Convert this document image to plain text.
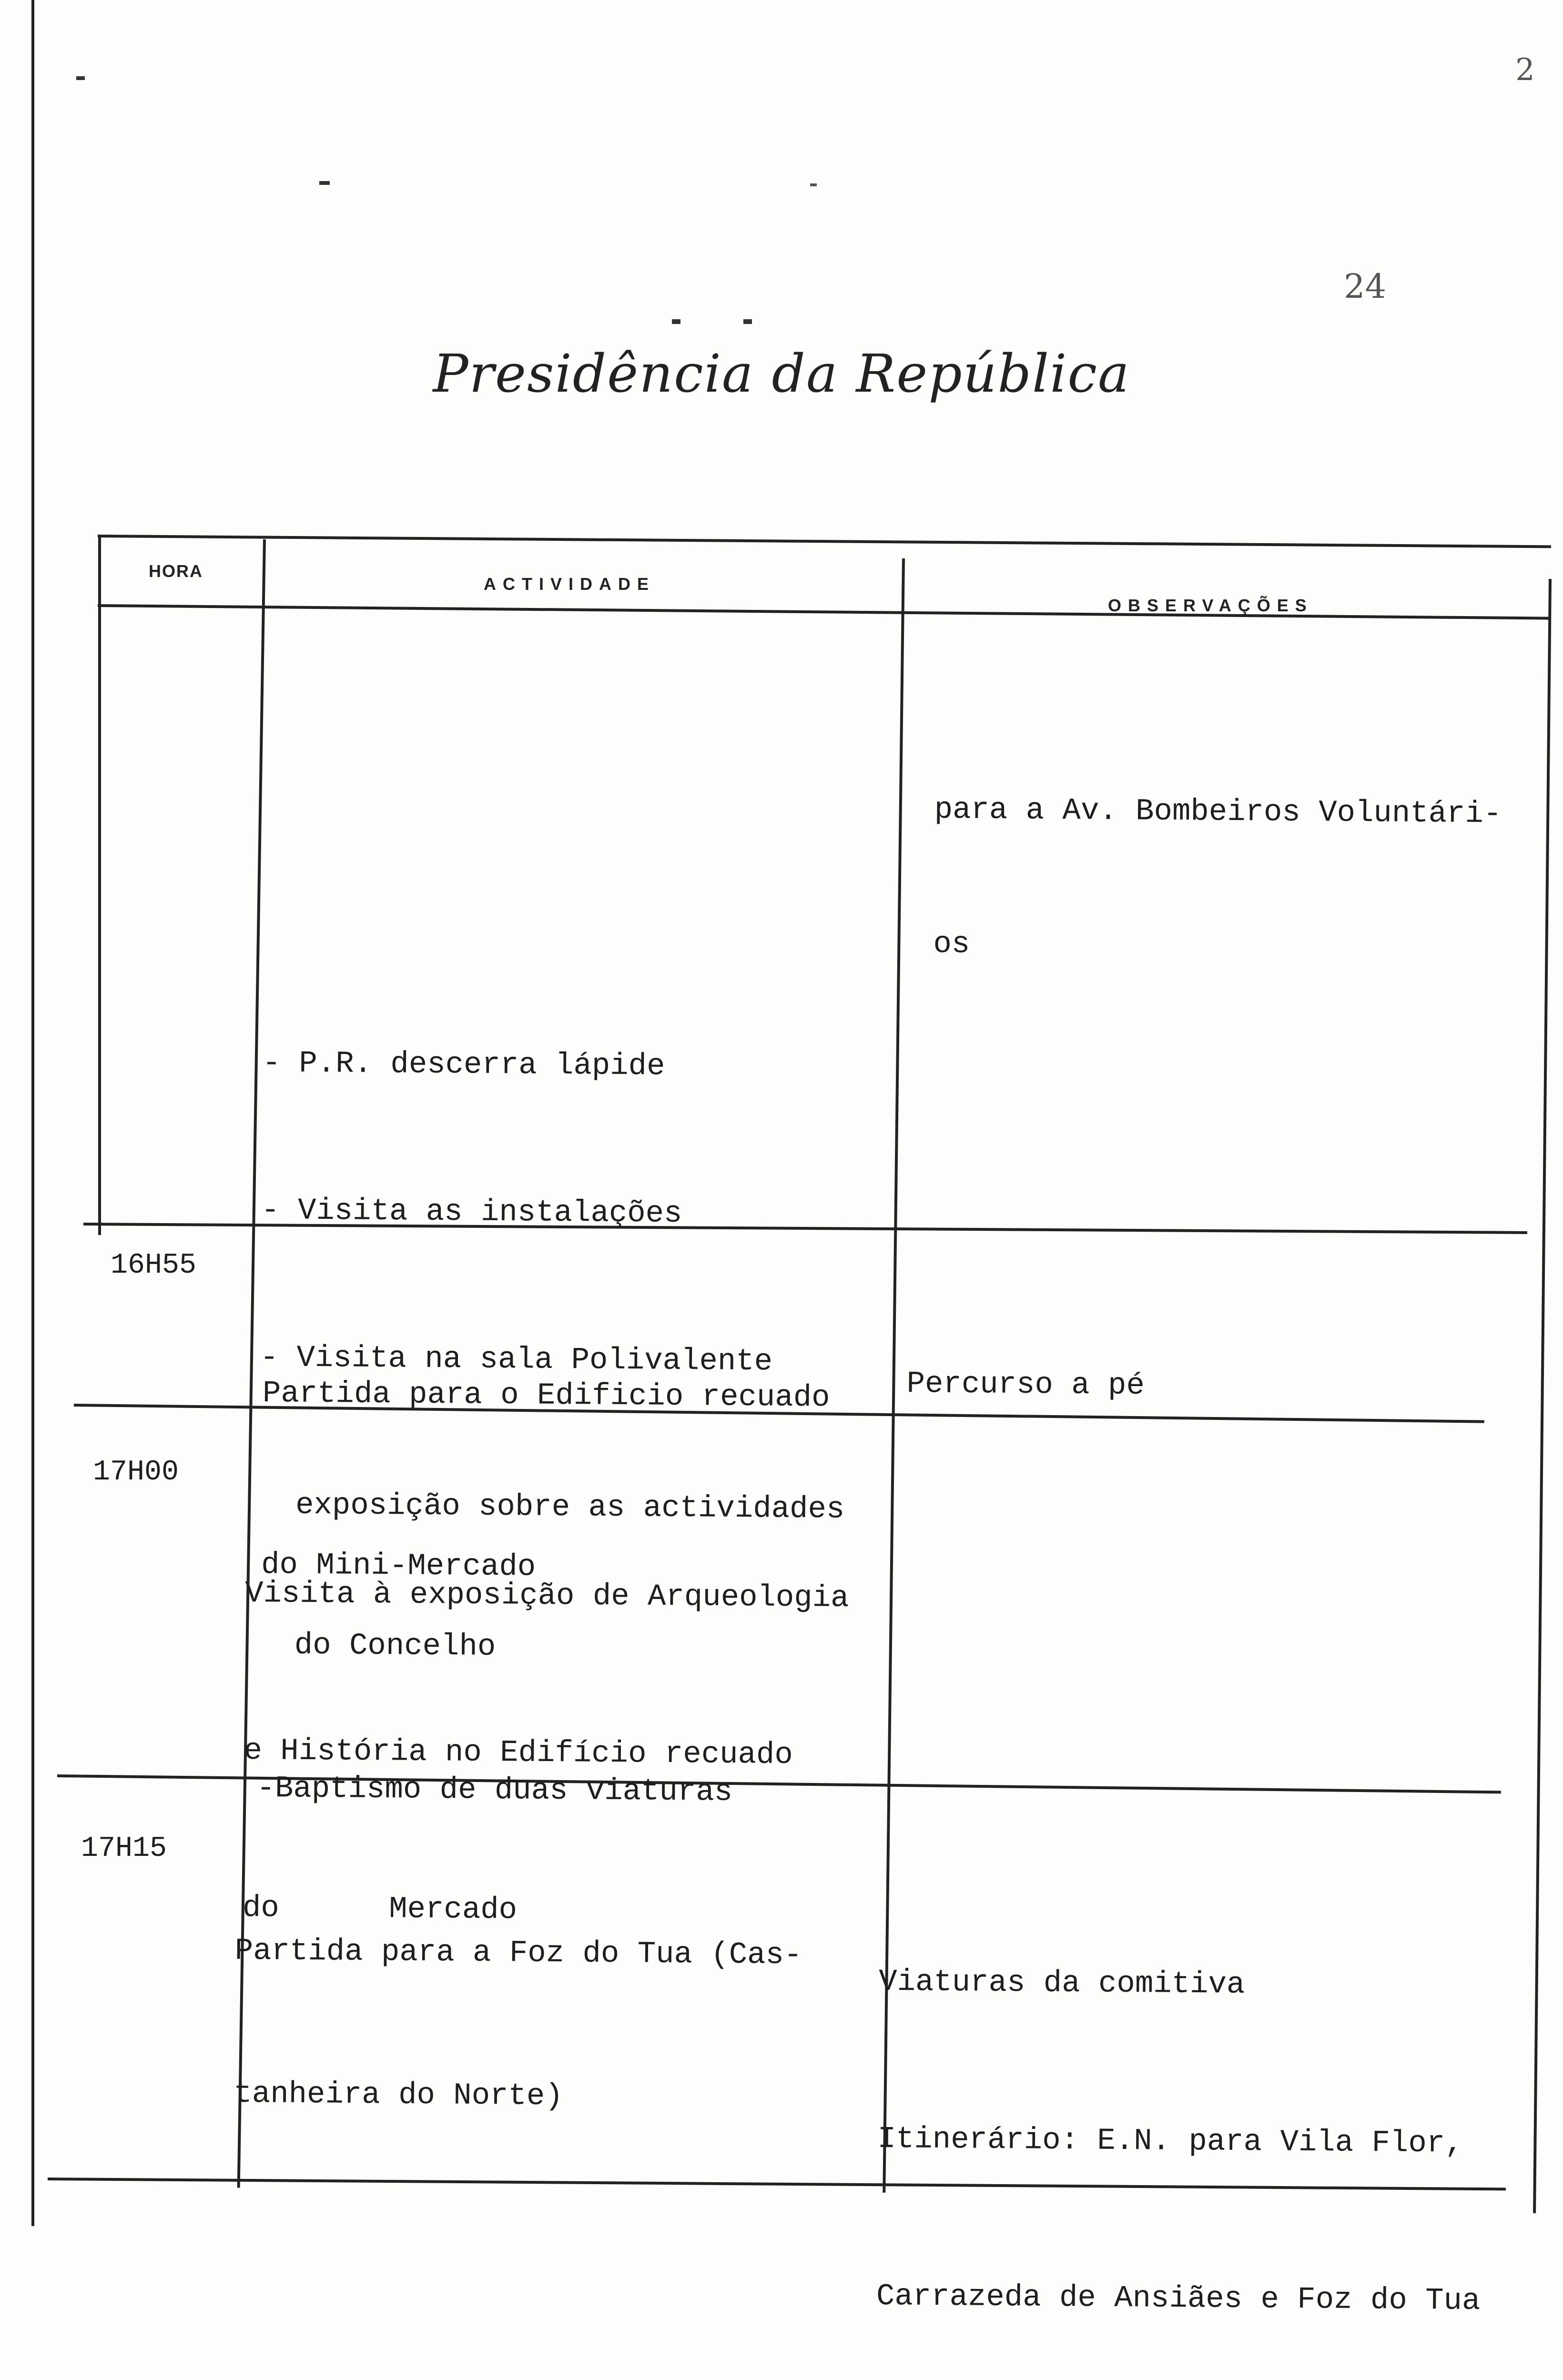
2
24
Presidência da República
HORA
ACTIVIDADE
OBSERVAÇÕES

para a Av. Bombeiros Voluntári-

os

- P.R. descerra lápide

- Visita as instalações

- Visita na sala Polivalente

exposição sobre as actividades

do Concelho

-Baptismo de duas viaturas

16H55

Partida para o Edificio recuado

do Mini-Mercado

Percurso a pé

17H00

Visita à exposição de Arqueologia

e História no Edifício recuado

do      Mercado

17H15

Partida para a Foz do Tua (Cas-

tanheira do Norte)

Viaturas da comitiva

Itinerário: E.N. para Vila Flor,

Carrazeda de Ansiães e Foz do Tua
